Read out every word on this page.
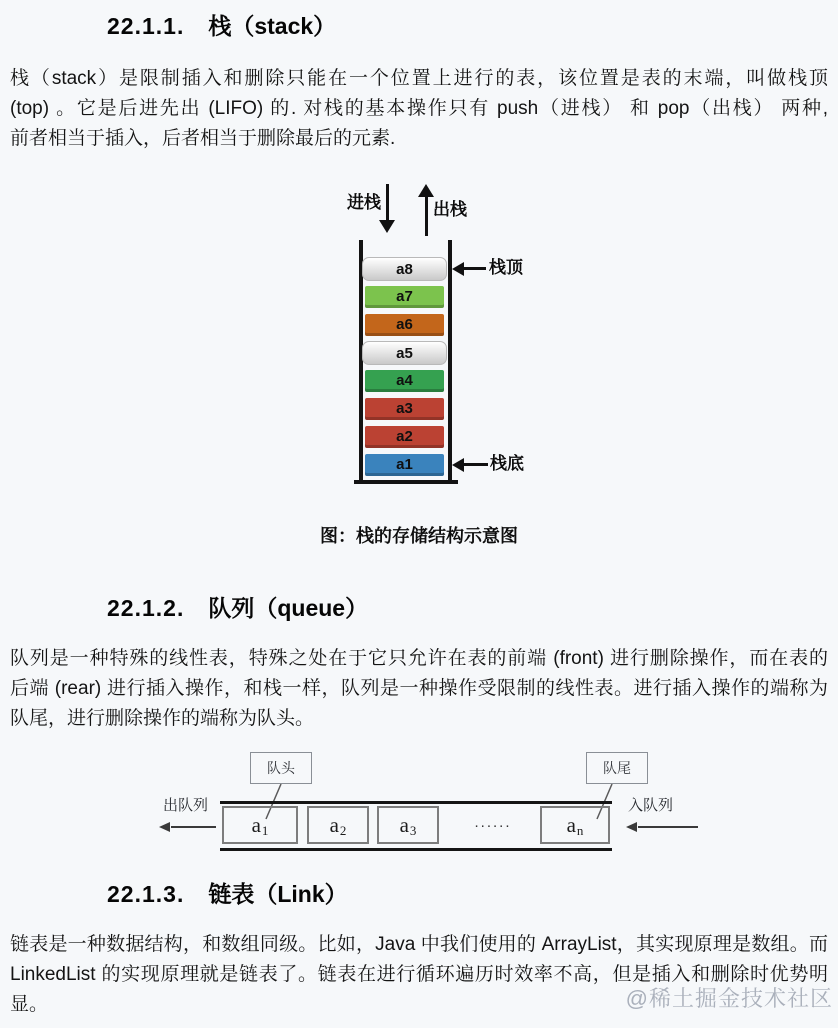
@稀土掘金技术社区
22.1.1. 栈（stack）
栈（stack）是限制插入和删除只能在一个位置上进行的表，该位置是表的末端，叫做栈顶
(top) 。它是后进先出 (LIFO) 的. 对栈的基本操作只有 push（进栈） 和 pop（出栈） 两种,
前者相当于插入，后者相当于删除最后的元素.
进栈	出栈
a8
a7
a6
a5
a4
a3
a2
a1
栈顶
栈底
图：栈的存储结构示意图
22.1.2. 队列（queue）
队列是一种特殊的线性表，特殊之处在于它只允许在表的前端 (front) 进行删除操作，而在表的
后端 (rear) 进行插入操作，和栈一样，队列是一种操作受限制的线性表。进行插入操作的端称为
队尾，进行删除操作的端称为队头。
队头	队尾
a 1	a 2	a 3	......	a n
出队列	入队列
22.1.3. 链表（Link）
链表是一种数据结构，和数组同级。比如，Java 中我们使用的 ArrayList，其实现原理是数组。而
LinkedList 的实现原理就是链表了。链表在进行循环遍历时效率不高，但是插入和删除时优势明显。
